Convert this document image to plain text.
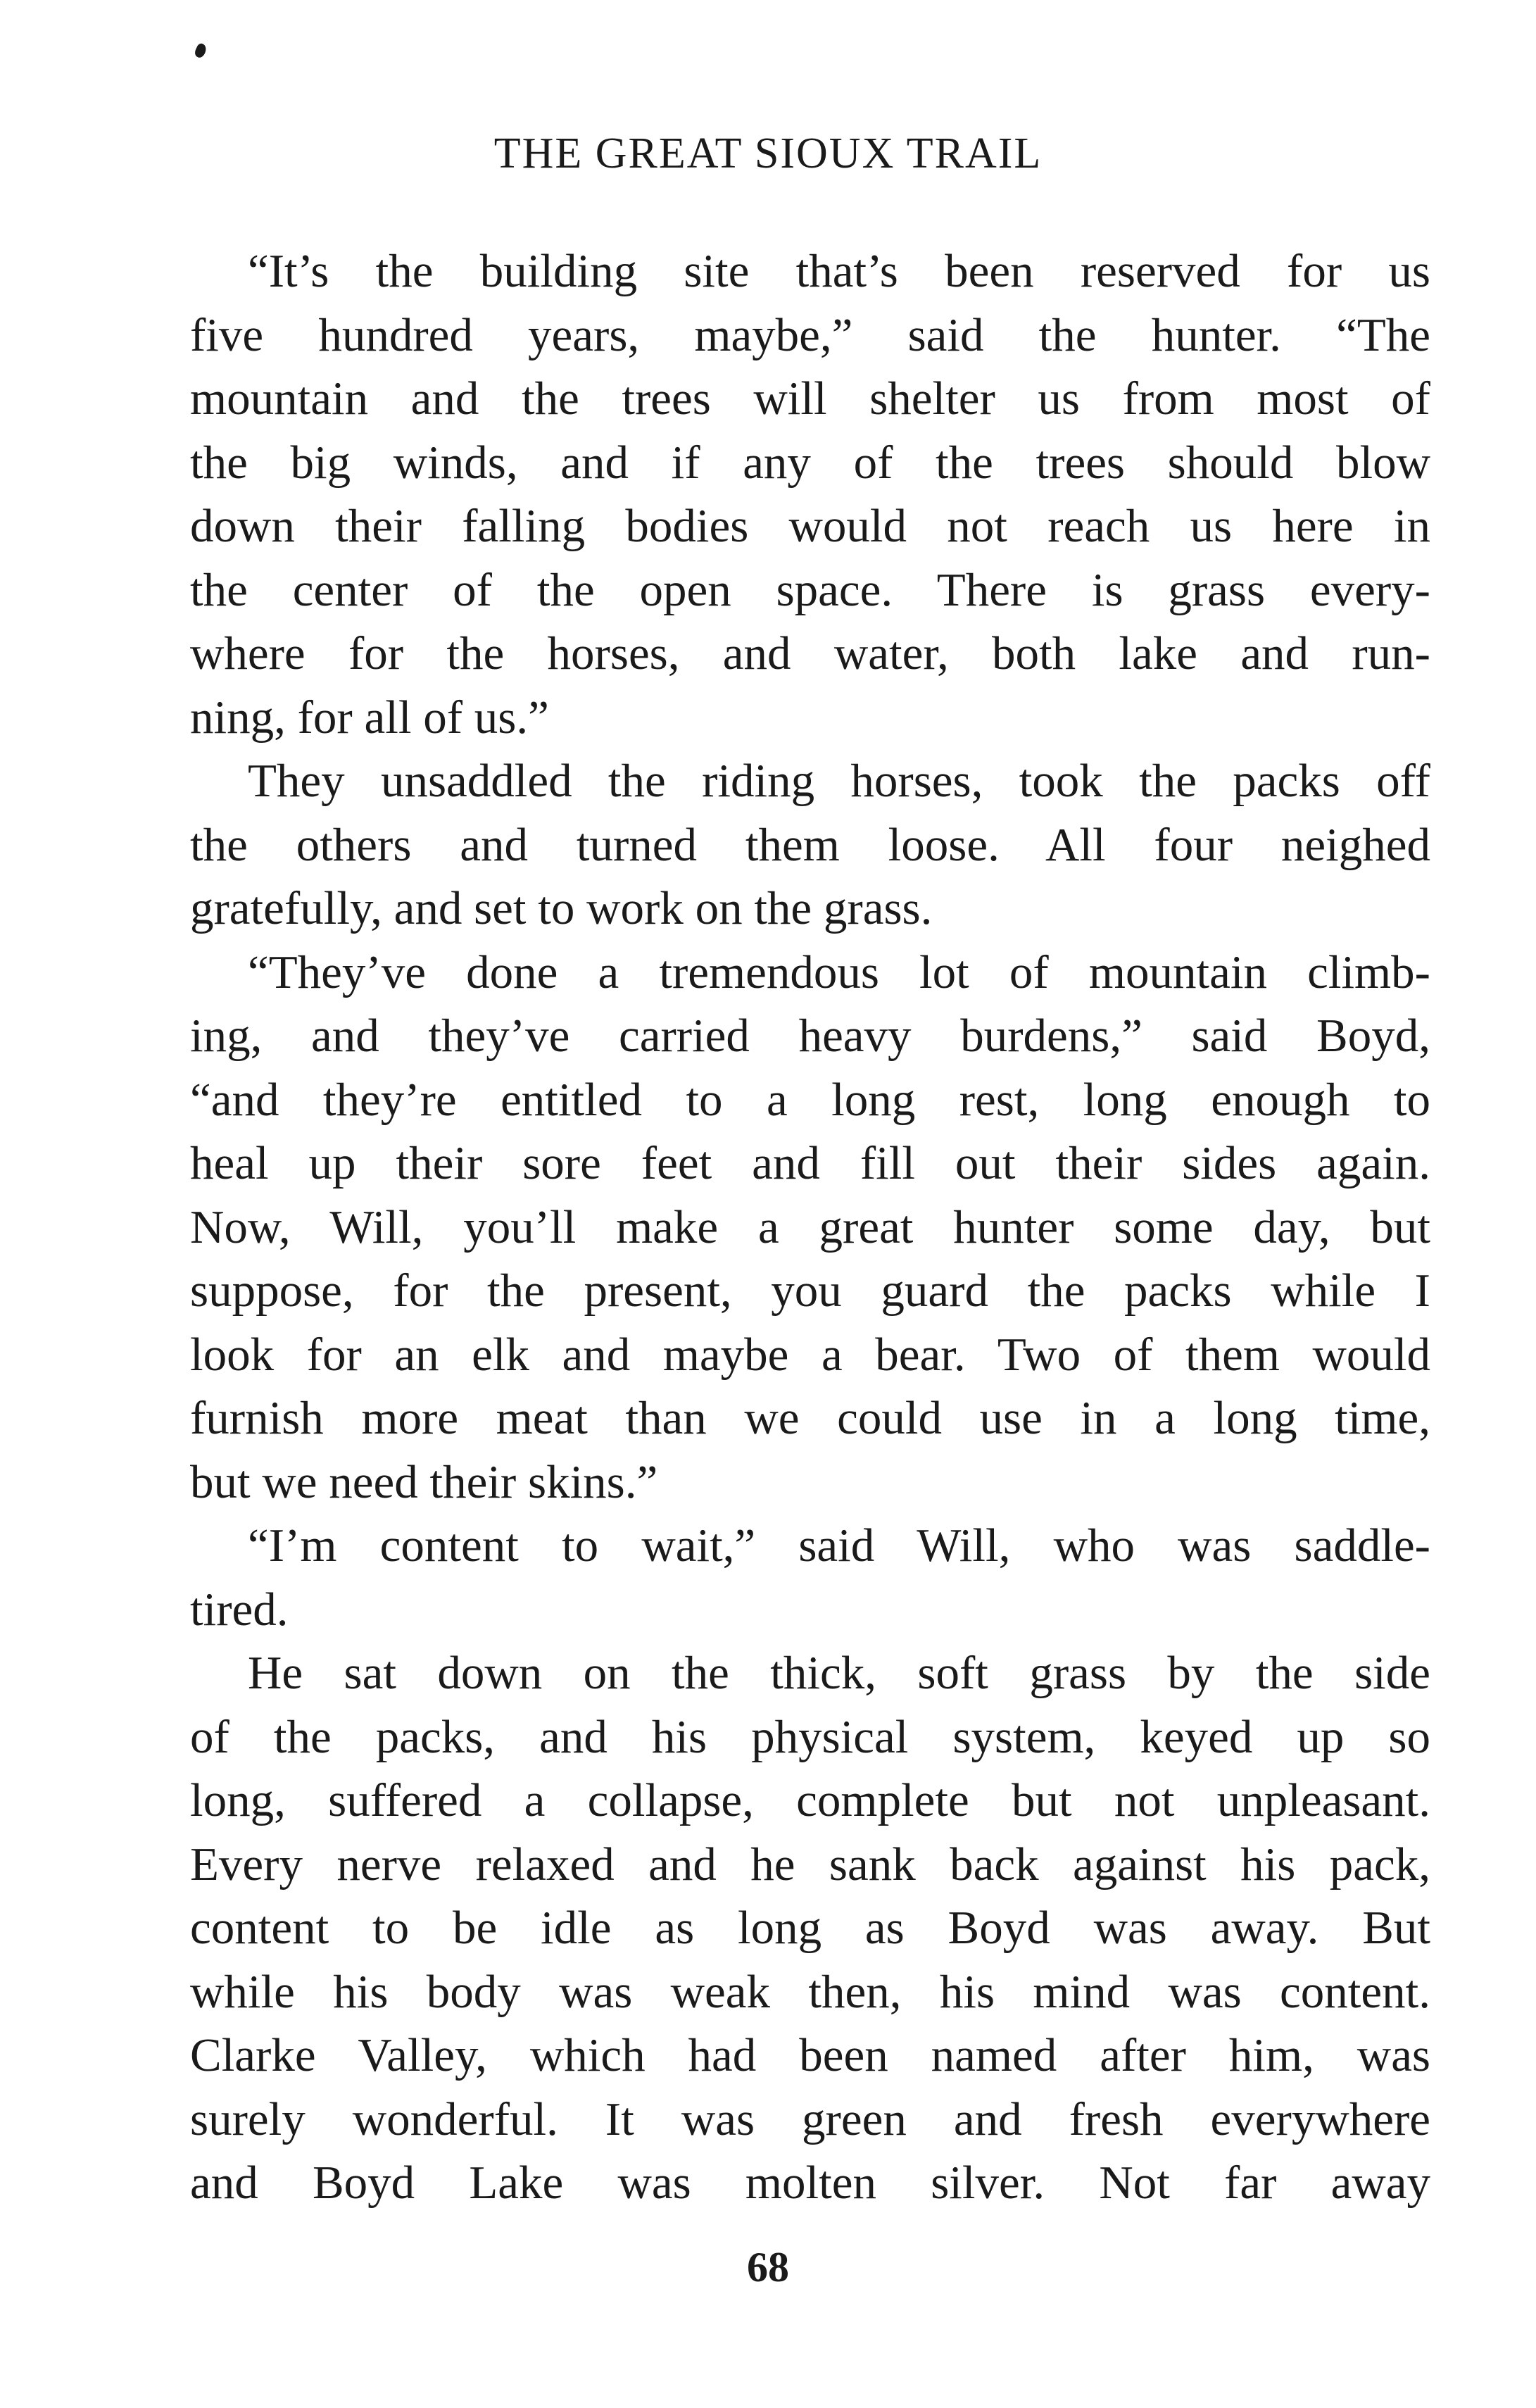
THE GREAT SIOUX TRAIL

“It’s the building site that’s been reserved for us
five hundred years, maybe,” said the hunter. “The
mountain and the trees will shelter us from most of
the big winds, and if any of the trees should blow
down their falling bodies would not reach us here in
the center of the open space. There is grass every-
where for the horses, and water, both lake and run-
ning, for all of us.”

They unsaddled the riding horses, took the packs off
the others and turned them loose. All four neighed
gratefully, and set to work on the grass.

“They’ve done a tremendous lot of mountain climb-
ing, and they’ve carried heavy burdens,” said Boyd,
“and they’re entitled to a long rest, long enough to
heal up their sore feet and fill out their sides again.
Now, Will, you’ll make a great hunter some day, but
suppose, for the present, you guard the packs while I
look for an elk and maybe a bear. Two of them would
furnish more meat than we could use in a long time,
but we need their skins.”

“I’m content to wait,” said Will, who was saddle-
tired.

He sat down on the thick, soft grass by the side
of the packs, and his physical system, keyed up so
long, suffered a collapse, complete but not unpleasant.
Every nerve relaxed and he sank back against his pack,
content to be idle as long as Boyd was away. But
while his body was weak then, his mind was content.
Clarke Valley, which had been named after him, was
surely wonderful. It was green and fresh everywhere
and Boyd Lake was molten silver. Not far away

68
